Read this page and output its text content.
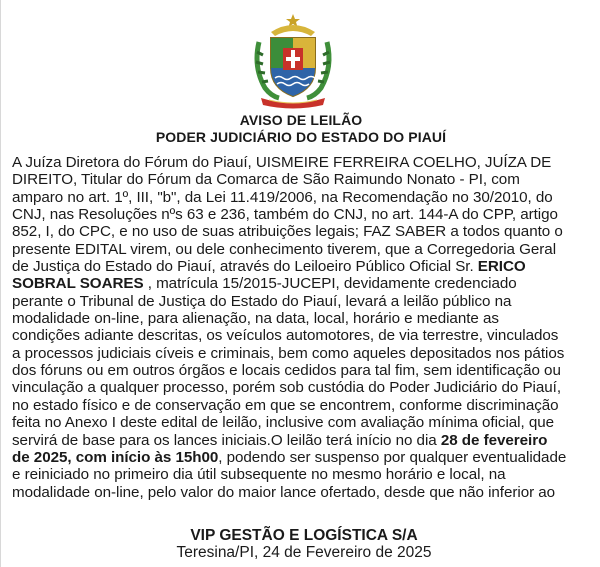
AVISO DE LEILÃO
PODER JUDICIÁRIO DO ESTADO DO PIAUÍ
A Juíza Diretora do Fórum do Piauí, UISMEIRE FERREIRA COELHO, JUÍZA DE
DIREITO, Titular do Fórum da Comarca de São Raimundo Nonato - PI, com
amparo no art. 1º, III, "b", da Lei 11.419/2006, na Recomendação no 30/2010, do
CNJ, nas Resoluções nºs 63 e 236, também do CNJ, no art. 144-A do CPP, artigo
852, I, do CPC, e no uso de suas atribuições legais; FAZ SABER a todos quanto o
presente EDITAL virem, ou dele conhecimento tiverem, que a Corregedoria Geral
de Justiça do Estado do Piauí, através do Leiloeiro Público Oficial Sr. ERICO
SOBRAL SOARES , matrícula 15/2015-JUCEPI, devidamente credenciado
perante o Tribunal de Justiça do Estado do Piauí, levará a leilão público na
modalidade on-line, para alienação, na data, local, horário e mediante as
condições adiante descritas, os veículos automotores, de via terrestre, vinculados
a processos judiciais cíveis e criminais, bem como aqueles depositados nos pátios
dos fóruns ou em outros órgãos e locais cedidos para tal fim, sem identificação ou
vinculação a qualquer processo, porém sob custódia do Poder Judiciário do Piauí,
no estado físico e de conservação em que se encontrem, conforme discriminação
feita no Anexo I deste edital de leilão, inclusive com avaliação mínima oficial, que
servirá de base para os lances iniciais.O leilão terá início no dia 28 de fevereiro
de 2025, com início às 15h00, podendo ser suspenso por qualquer eventualidade
e reiniciado no primeiro dia útil subsequente no mesmo horário e local, na
modalidade on-line, pelo valor do maior lance ofertado, desde que não inferior ao
VIP GESTÃO E LOGÍSTICA S/A
Teresina/PI, 24 de Fevereiro de 2025
